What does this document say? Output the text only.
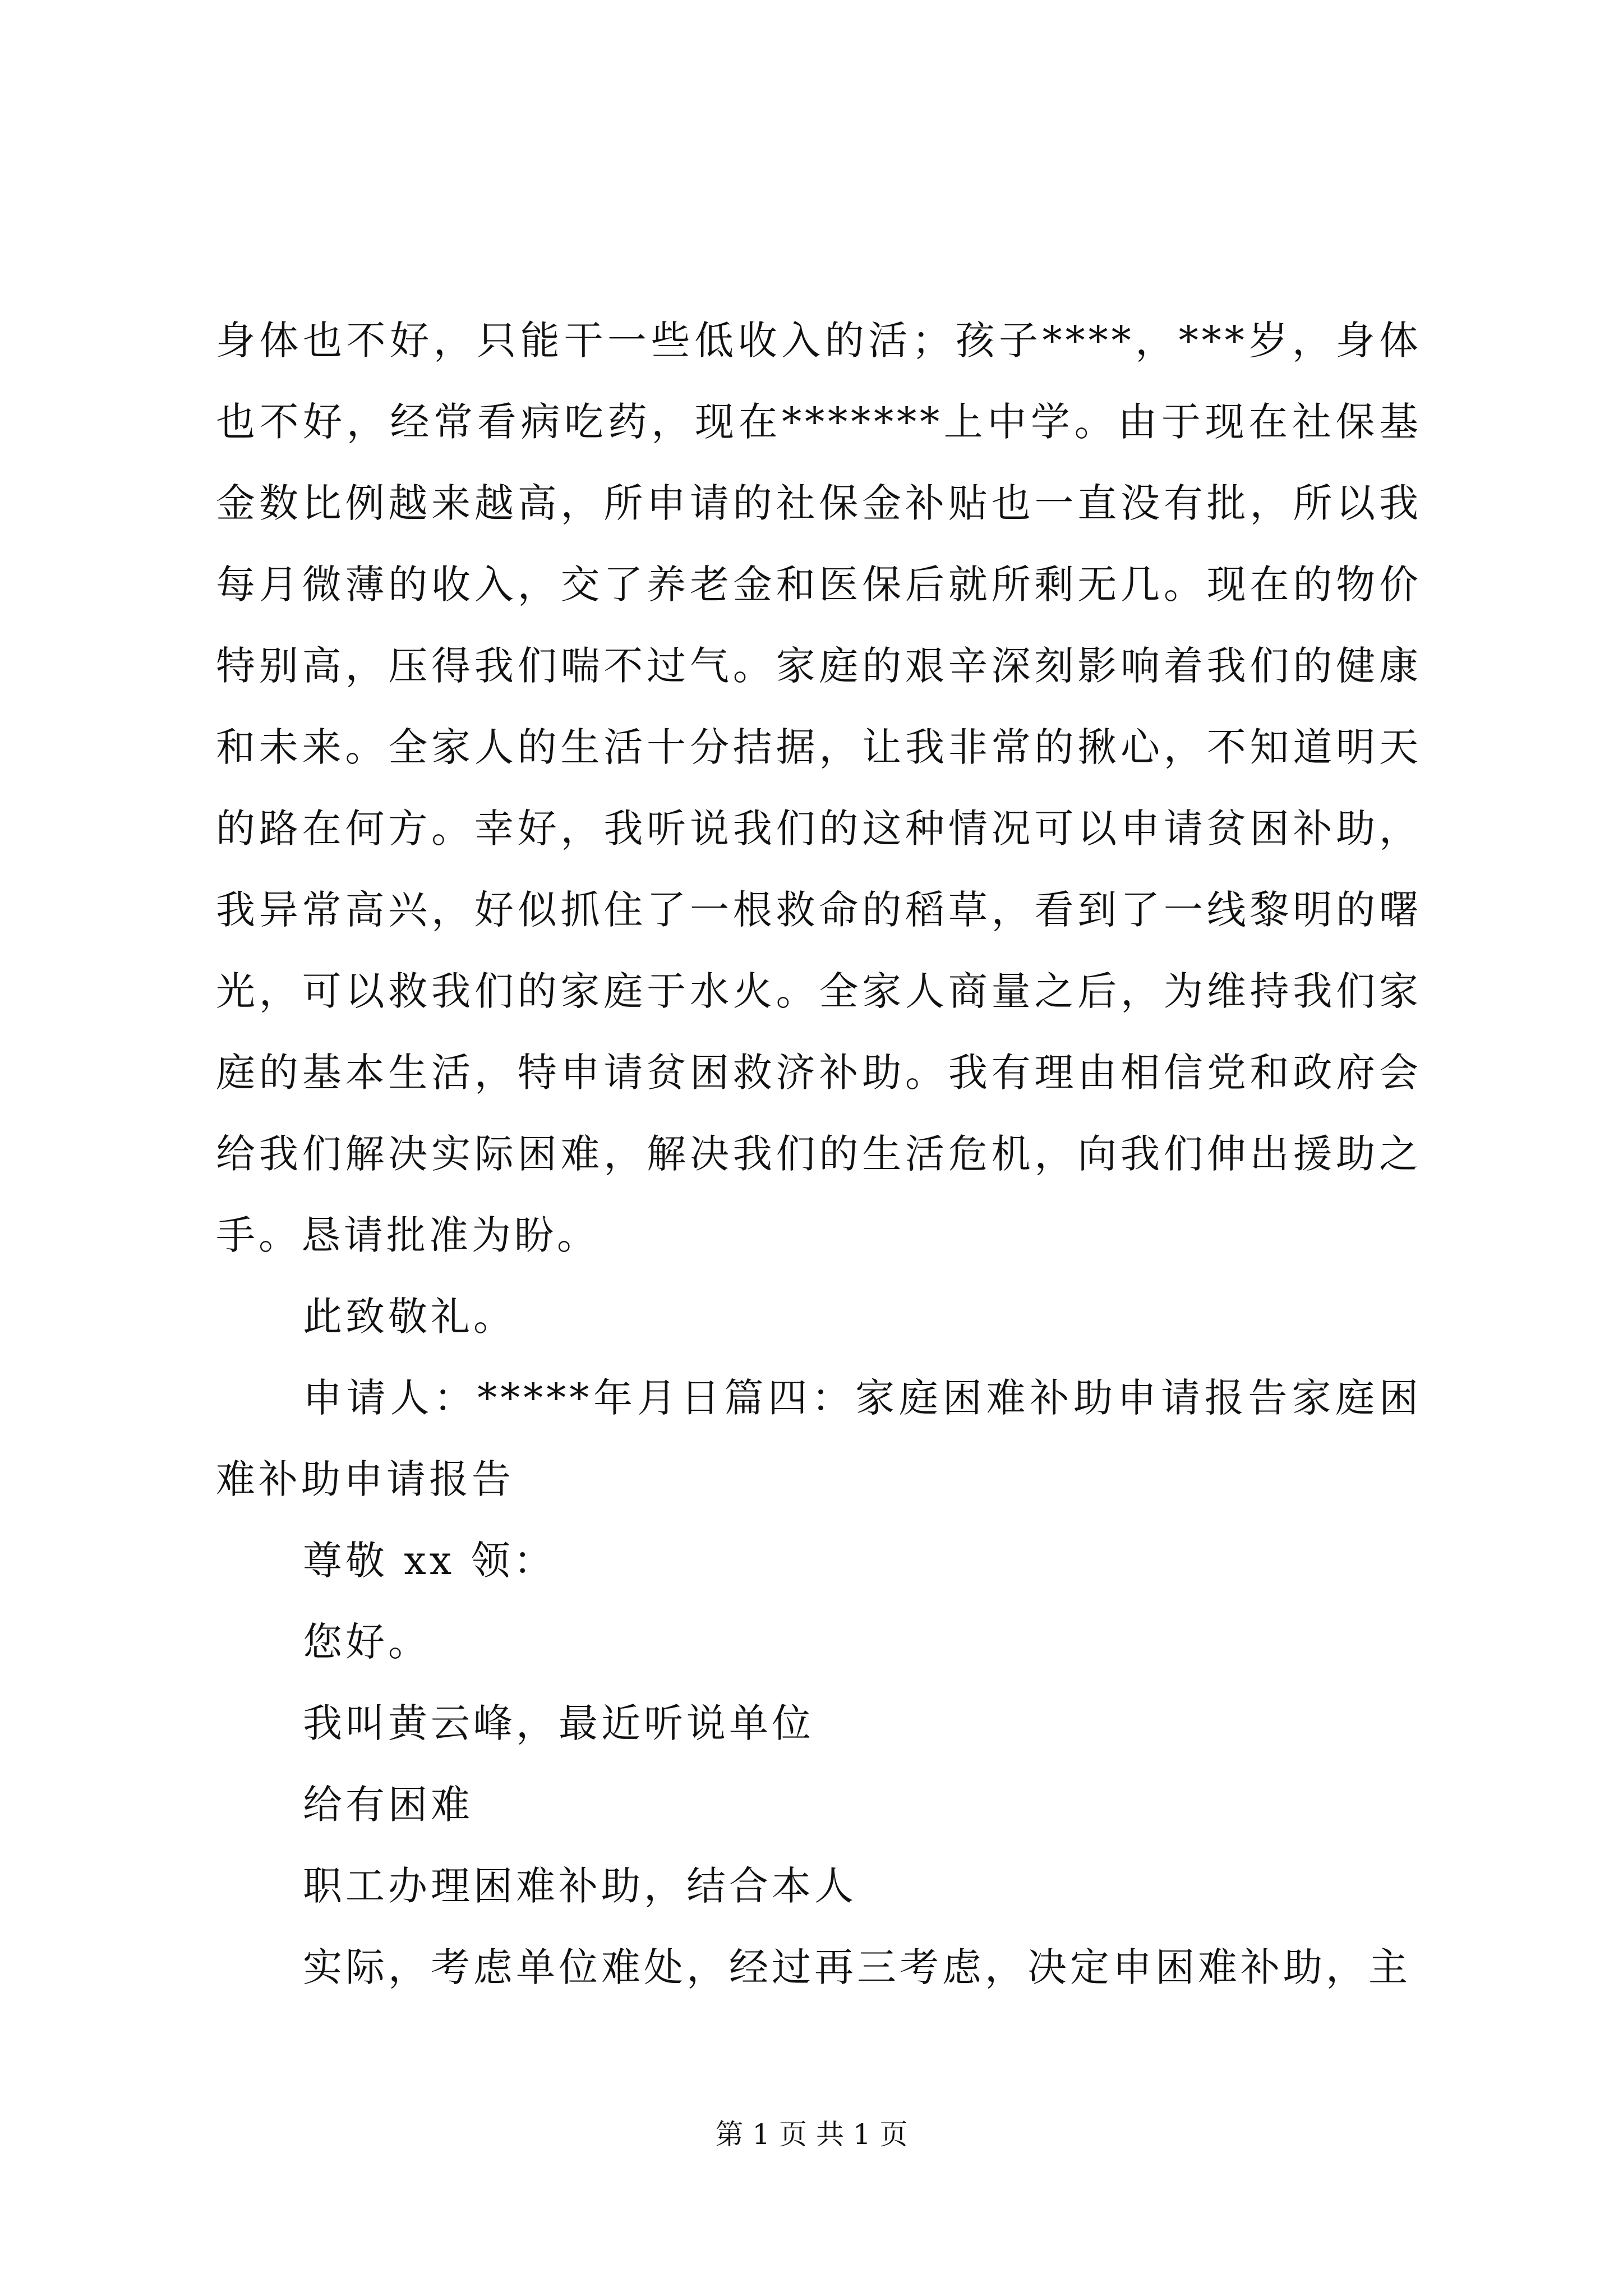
身体也不好，只能干一些低收入的活；孩子****，***岁，身体也不好，经常看病吃药，现在*******上中学。由于现在社保基金数比例越来越高，所申请的社保金补贴也一直没有批，所以我每月微薄的收入，交了养老金和医保后就所剩无几。现在的物价特别高，压得我们喘不过气。家庭的艰辛深刻影响着我们的健康和未来。全家人的生活十分拮据，让我非常的揪心，不知道明天的路在何方。幸好，我听说我们的这种情况可以申请贫困补助，我异常高兴，好似抓住了一根救命的稻草，看到了一线黎明的曙光，可以救我们的家庭于水火。全家人商量之后，为维持我们家庭的基本生活，特申请贫困救济补助。我有理由相信党和政府会给我们解决实际困难，解决我们的生活危机，向我们伸出援助之手。恳请批准为盼。

此致敬礼。

申请人：*****年月日篇四：家庭困难补助申请报告家庭困难补助申请报告

尊敬 xx 领：

您好。

我叫黄云峰，最近听说单位

给有困难

职工办理困难补助，结合本人

实际，考虑单位难处，经过再三考虑，决定申困难补助，主

第 1 页 共 1 页
